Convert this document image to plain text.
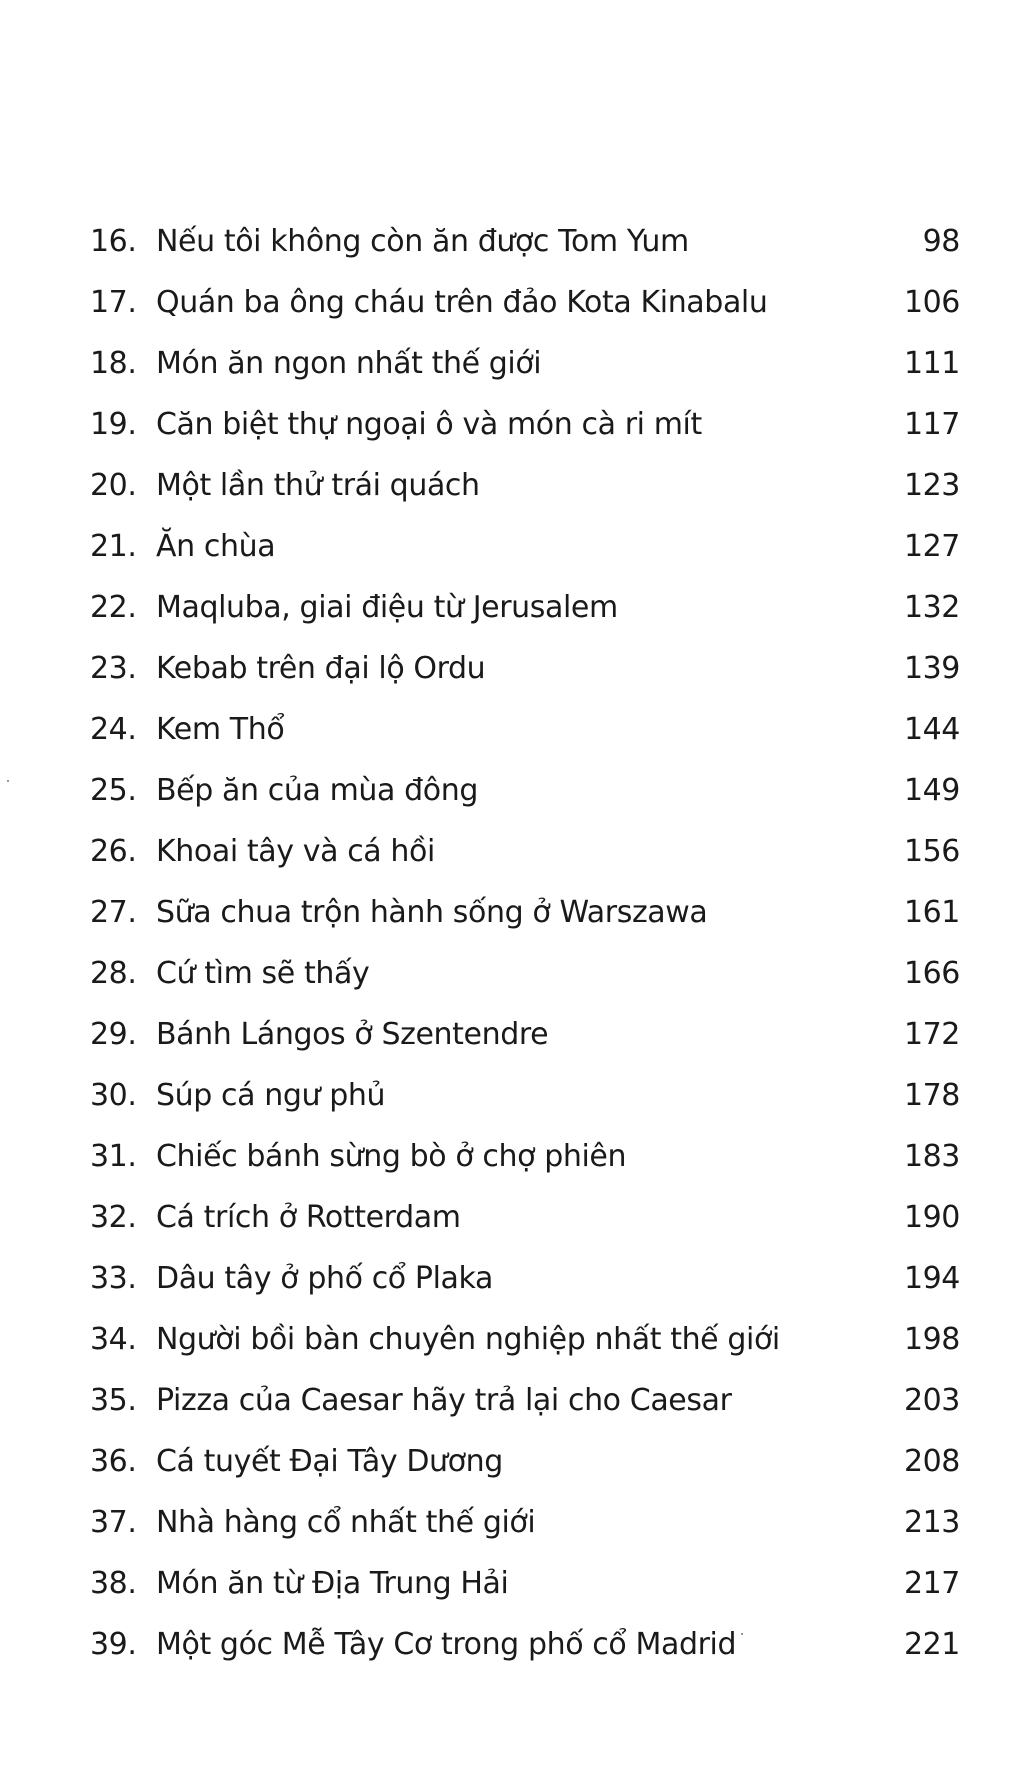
16. Nếu tôi không còn ăn được Tom Yum	98
17. Quán ba ông cháu trên đảo Kota Kinabalu	106
18. Món ăn ngon nhất thế giới	111
19. Căn biệt thự ngoại ô và món cà ri mít	117
20. Một lần thử trái quách	123
21. Ăn chùa	127
22. Maqluba, giai điệu từ Jerusalem	132
23. Kebab trên đại lộ Ordu	139
24. Kem Thổ	144
25. Bếp ăn của mùa đông	149
26. Khoai tây và cá hồi	156
27. Sữa chua trộn hành sống ở Warszawa	161
28. Cứ tìm sẽ thấy	166
29. Bánh Lángos ở Szentendre	172
30. Súp cá ngư phủ	178
31. Chiếc bánh sừng bò ở chợ phiên	183
32. Cá trích ở Rotterdam	190
33. Dâu tây ở phố cổ Plaka	194
34. Người bồi bàn chuyên nghiệp nhất thế giới	198
35. Pizza của Caesar hãy trả lại cho Caesar	203
36. Cá tuyết Đại Tây Dương	208
37. Nhà hàng cổ nhất thế giới	213
38. Món ăn từ Địa Trung Hải	217
39. Một góc Mễ Tây Cơ trong phố cổ Madrid	221
